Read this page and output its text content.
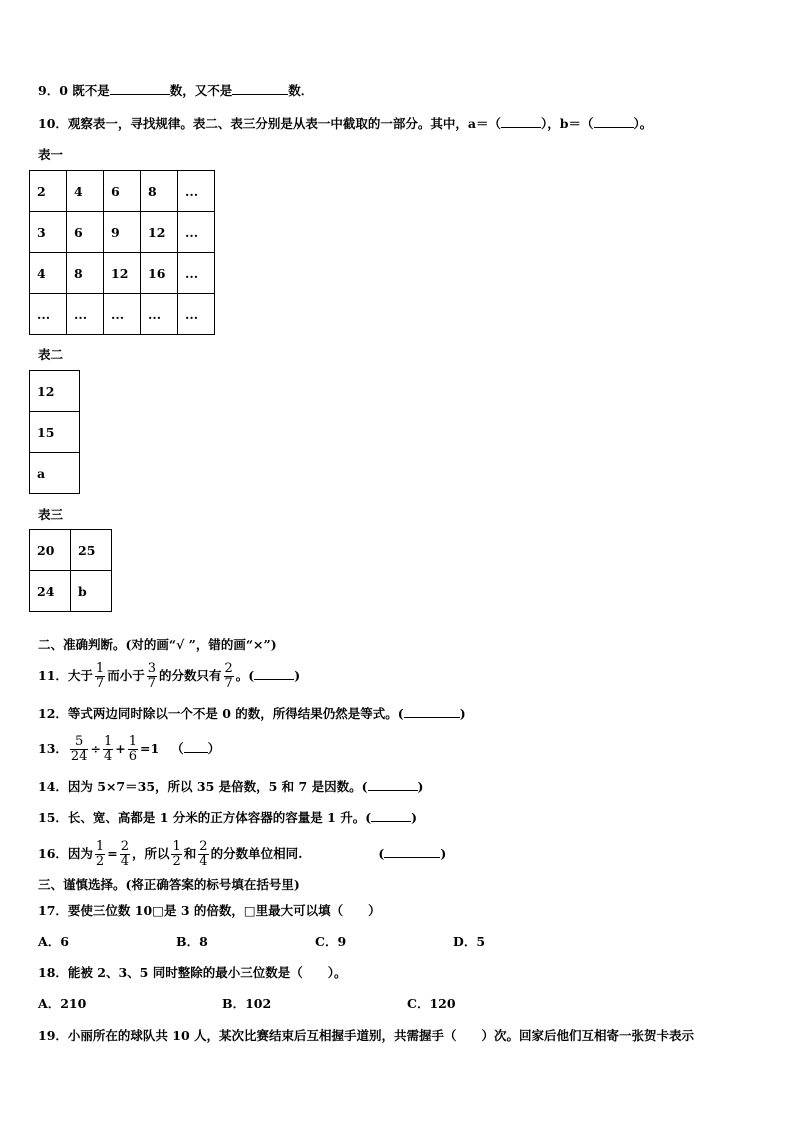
9．0 既不是	数，又不是	数．
10．观察表一，寻找规律。表二、表三分别是从表一中截取的一部分。其中，a＝（	），b＝（	）。
表一
2	4	6	8	...
3	6	9	12	...
4	8	12	16	...
...	...	...	...	...
表二
12
15
a
表三
20	25
24	b
二、准确判断。(对的画“√ ”，错的画“×”)
11．大于 $\frac{1}{7}$ 而小于 $\frac{3}{7}$ 的分数只有 $\frac{2}{7}$ 。(	)
12．等式两边同时除以一个不是 0 的数，所得结果仍然是等式。(	)
13． $\frac{5}{24} \div \frac{1}{4} + \frac{1}{6} =1$ （ ）
14．因为 5×7＝35，所以 35 是倍数，5 和 7 是因数。(	)
15．长、宽、高都是 1 分米的正方体容器的容量是 1 升。(	)
16．因为 $\frac{1}{2} = \frac{2}{4}$ ，所以 $\frac{1}{2}$ 和 $\frac{2}{4}$ 的分数单位相同.	(	)
三、谨慎选择。(将正确答案的标号填在括号里)
17．要使三位数 10□是 3 的倍数，□里最大可以填（　　）
A．6	B．8	C．9	D．5
18．能被 2、3、5 同时整除的最小三位数是（　　）。
A．210	B．102	C．120
19．小丽所在的球队共 10 人，某次比赛结束后互相握手道别，共需握手（　　）次。回家后他们互相寄一张贺卡表示
